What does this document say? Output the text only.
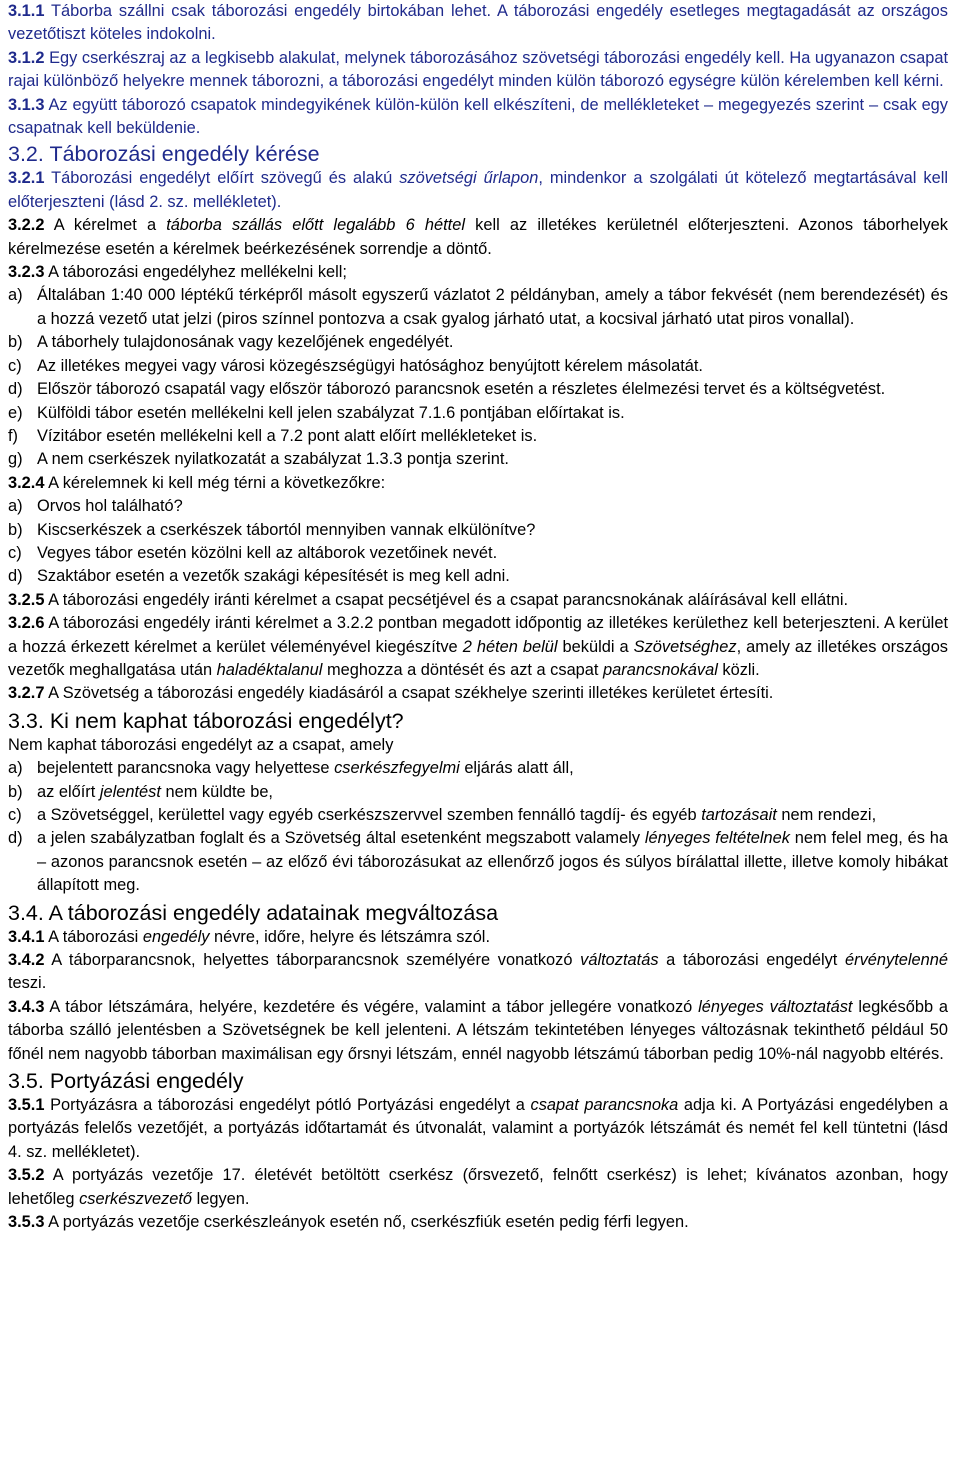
3.1.1 Táborba szállni csak táborozási engedély birtokában lehet. A táborozási engedély esetleges megtagadását az országos vezetőtiszt köteles indokolni.

3.1.2 Egy cserkészraj az a legkisebb alakulat, melynek táborozásához szövetségi táborozási engedély kell. Ha ugyanazon csapat rajai különböző helyekre mennek táborozni, a táborozási engedélyt minden külön táborozó egységre külön kérelemben kell kérni.

3.1.3 Az együtt táborozó csapatok mindegyikének külön-külön kell elkészíteni, de mellékleteket – megegyezés szerint – csak egy csapatnak kell beküldenie.

3.2. Táborozási engedély kérése

3.2.1 Táborozási engedélyt előírt szövegű és alakú szövetségi űrlapon, mindenkor a szolgálati út kötelező megtartásával kell előterjeszteni (lásd 2. sz. mellékletet).

3.2.2 A kérelmet a táborba szállás előtt legalább 6 héttel kell az illetékes kerületnél előterjeszteni. Azonos táborhelyek kérelmezése esetén a kérelmek beérkezésének sorrendje a döntő.

3.2.3 A táborozási engedélyhez mellékelni kell;

a) Általában 1:40 000 léptékű térképről másolt egyszerű vázlatot 2 példányban, amely a tábor fekvését (nem berendezését) és a hozzá vezető utat jelzi (piros színnel pontozva a csak gyalog járható utat, a kocsival járható utat piros vonallal).
b) A táborhely tulajdonosának vagy kezelőjének engedélyét.
c) Az illetékes megyei vagy városi közegészségügyi hatósághoz benyújtott kérelem másolatát.
d) Először táborozó csapatál vagy először táborozó parancsnok esetén a részletes élelmezési tervet és a költségvetést.
e) Külföldi tábor esetén mellékelni kell jelen szabályzat 7.1.6 pontjában előírtakat is.
f)	Vízitábor esetén mellékelni kell a 7.2 pont alatt előírt mellékleteket is.
g) A nem cserkészek nyilatkozatát a szabályzat 1.3.3 pontja szerint.

3.2.4 A kérelemnek ki kell még térni a következőkre:

a) Orvos hol található?
b) Kiscserkészek a cserkészek tábortól mennyiben vannak elkülönítve?
c) Vegyes tábor esetén közölni kell az altáborok vezetőinek nevét.
d) Szaktábor esetén a vezetők szakági képesítését is meg kell adni.

3.2.5 A táborozási engedély iránti kérelmet a csapat pecsétjével és a csapat parancsnokának aláírásával kell ellátni.

3.2.6 A táborozási engedély iránti kérelmet a 3.2.2 pontban megadott időpontig az illetékes kerülethez kell beterjeszteni. A kerület a hozzá érkezett kérelmet a kerület véleményével kiegészítve 2 héten belül beküldi a Szövetséghez, amely az illetékes országos vezetők meghallgatása után haladéktalanul meghozza a döntését és azt a csapat parancsnokával közli.

3.2.7 A Szövetség a táborozási engedély kiadásáról a csapat székhelye szerinti illetékes kerületet értesíti.

3.3. Ki nem kaphat táborozási engedélyt?

Nem kaphat táborozási engedélyt az a csapat, amely

a) bejelentett parancsnoka vagy helyettese cserkészfegyelmi eljárás alatt áll,
b) az előírt jelentést nem küldte be,
c) a Szövetséggel, kerülettel vagy egyéb cserkészszervvel szemben fennálló tagdíj- és egyéb tartozásait nem rendezi,
d) a jelen szabályzatban foglalt és a Szövetség által esetenként megszabott valamely lényeges feltételnek nem felel meg, és ha – azonos parancsnok esetén – az előző évi táborozásukat az ellenőrző jogos és súlyos bírálattal illette, illetve komoly hibákat állapított meg.
3.4. A táborozási engedély adatainak megváltozása

3.4.1 A táborozási engedély névre, időre, helyre és létszámra szól.

3.4.2 A táborparancsnok, helyettes táborparancsnok személyére vonatkozó változtatás a táborozási engedélyt érvénytelenné teszi.

3.4.3 A tábor létszámára, helyére, kezdetére és végére, valamint a tábor jellegére vonatkozó lényeges változtatást legkésőbb a táborba szálló jelentésben a Szövetségnek be kell jelenteni. A létszám tekintetében lényeges változásnak tekinthető például 50 főnél nem nagyobb táborban maximálisan egy őrsnyi létszám, ennél nagyobb létszámú táborban pedig 10%-nál nagyobb eltérés.

3.5. Portyázási engedély

3.5.1 Portyázásra a táborozási engedélyt pótló Portyázási engedélyt a csapat parancsnoka adja ki. A Portyázási engedélyben a portyázás felelős vezetőjét, a portyázás időtartamát és útvonalát, valamint a portyázók létszámát és nemét fel kell tüntetni (lásd 4. sz. mellékletet).

3.5.2 A portyázás vezetője 17. életévét betöltött cserkész (őrsvezető, felnőtt cserkész) is lehet; kívánatos azonban, hogy lehetőleg cserkészvezető legyen.

3.5.3 A portyázás vezetője cserkészleányok esetén nő, cserkészfiúk esetén pedig férfi legyen.
